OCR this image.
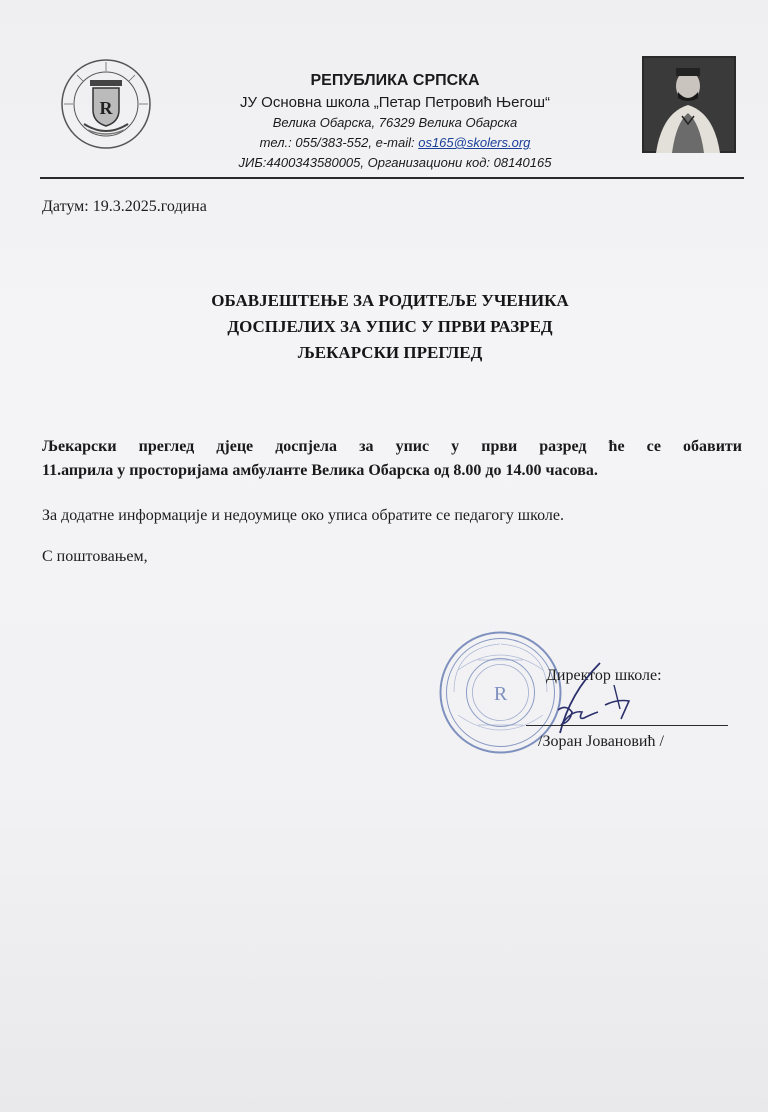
R
РЕПУБЛИКА СРПСКА
ЈУ Основна школа „Петар Петровић Његош“
Велика Обарска, 76329 Велика Обарска
тел.: 055/383-552, e-mail: os165@skolers.org
ЈИБ:4400343580005, Организациони код: 08140165
Датум: 19.3.2025.година
ОБАВЈЕШТЕЊЕ ЗА РОДИТЕЉЕ УЧЕНИКА
ДОСПЈЕЛИХ ЗА УПИС У ПРВИ РАЗРЕД
ЉЕКАРСКИ ПРЕГЛЕД
Љекарски преглед дјеце доспјела за упис у први разред ће се обавити
11.априла у просторијама амбуланте Велика Обарска од 8.00 до 14.00 часова.
За додатне информације и недоумице око уписа обратите се педагогу школе.
С поштовањем,
R
Директор школе:
/Зоран Јовановић /
